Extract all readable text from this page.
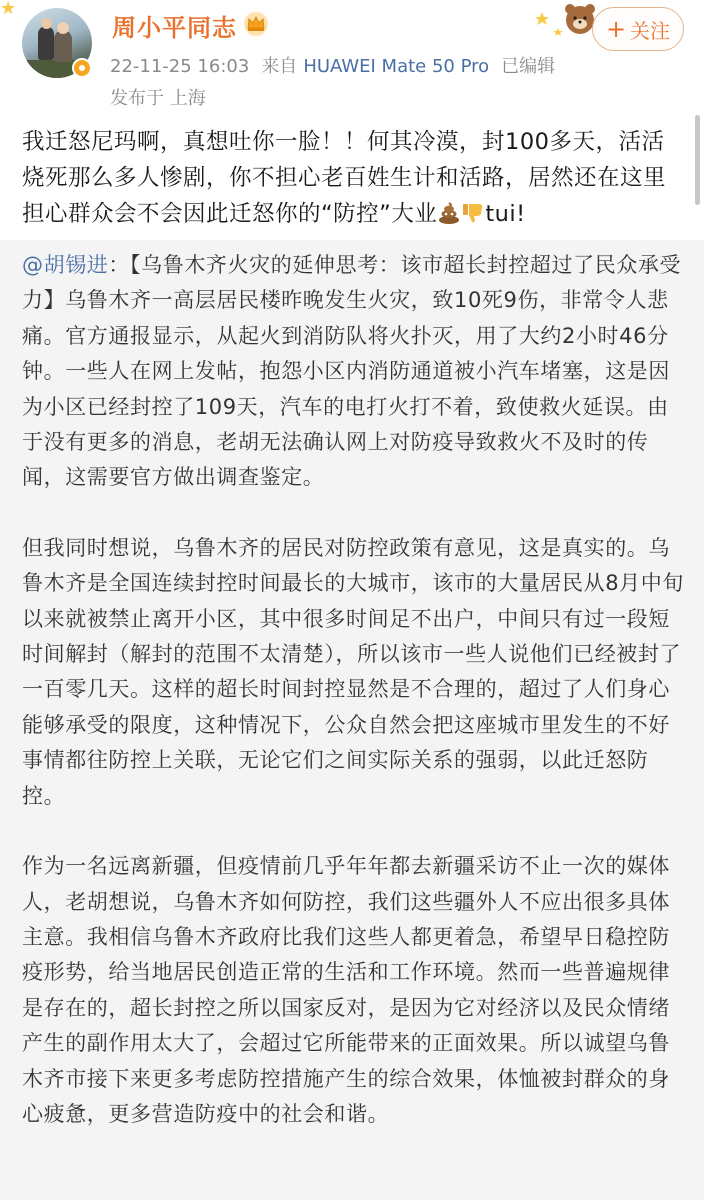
★
周小平同志
22-11-25 16:03 来自 HUAWEI Mate 50 Pro 已编辑
发布于 上海
+ 关注
我迁怒尼玛啊，真想吐你一脸！！何其冷漠，封100多天，活活烧死那么多人惨剧，你不担心老百姓生计和活路，居然还在这里担心群众会不会因此迁怒你的“防控”大业 tui!

@胡锡进：【乌鲁木齐火灾的延伸思考：该市超长封控超过了民众承受力】乌鲁木齐一高层居民楼昨晚发生火灾，致10死9伤，非常令人悲痛。官方通报显示，从起火到消防队将火扑灭，用了大约2小时46分钟。一些人在网上发帖，抱怨小区内消防通道被小汽车堵塞，这是因为小区已经封控了109天，汽车的电打火打不着，致使救火延误。由于没有更多的消息，老胡无法确认网上对防疫导致救火不及时的传闻，这需要官方做出调查鉴定。

但我同时想说，乌鲁木齐的居民对防控政策有意见，这是真实的。乌鲁木齐是全国连续封控时间最长的大城市，该市的大量居民从8月中旬以来就被禁止离开小区，其中很多时间足不出户，中间只有过一段短时间解封（解封的范围不太清楚），所以该市一些人说他们已经被封了一百零几天。这样的超长时间封控显然是不合理的，超过了人们身心能够承受的限度，这种情况下，公众自然会把这座城市里发生的不好事情都往防控上关联，无论它们之间实际关系的强弱，以此迁怒防控。

作为一名远离新疆，但疫情前几乎年年都去新疆采访不止一次的媒体人，老胡想说，乌鲁木齐如何防控，我们这些疆外人不应出很多具体主意。我相信乌鲁木齐政府比我们这些人都更着急，希望早日稳控防疫形势，给当地居民创造正常的生活和工作环境。然而一些普遍规律是存在的，超长封控之所以国家反对，是因为它对经济以及民众情绪产生的副作用太大了，会超过它所能带来的正面效果。所以诚望乌鲁木齐市接下来更多考虑防控措施产生的综合效果，体恤被封群众的身心疲惫，更多营造防疫中的社会和谐。
